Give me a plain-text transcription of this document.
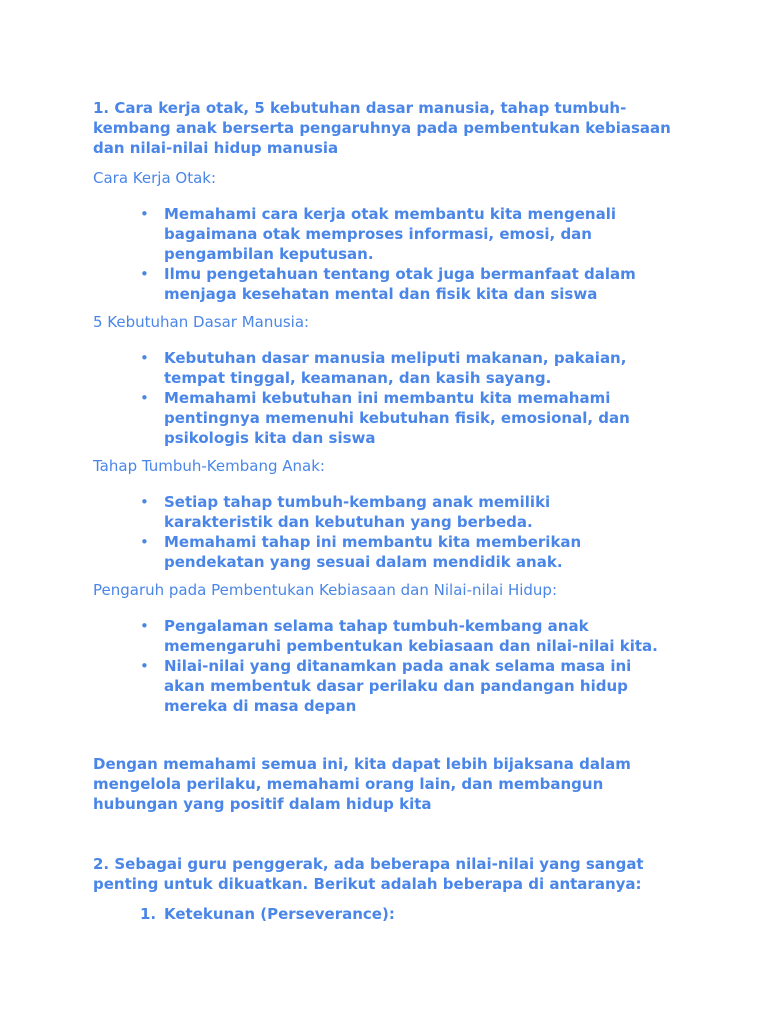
1. Cara kerja otak, 5 kebutuhan dasar manusia, tahap tumbuh-kembang anak berserta pengaruhnya pada pembentukan kebiasaan dan nilai-nilai hidup manusia

Cara Kerja Otak:

• Memahami cara kerja otak membantu kita mengenali bagaimana otak memproses informasi, emosi, dan pengambilan keputusan.
• Ilmu pengetahuan tentang otak juga bermanfaat dalam menjaga kesehatan mental dan fisik kita dan siswa

5 Kebutuhan Dasar Manusia:

• Kebutuhan dasar manusia meliputi makanan, pakaian, tempat tinggal, keamanan, dan kasih sayang.
• Memahami kebutuhan ini membantu kita memahami pentingnya memenuhi kebutuhan fisik, emosional, dan psikologis kita dan siswa

Tahap Tumbuh-Kembang Anak:

• Setiap tahap tumbuh-kembang anak memiliki karakteristik dan kebutuhan yang berbeda.
• Memahami tahap ini membantu kita memberikan pendekatan yang sesuai dalam mendidik anak.

Pengaruh pada Pembentukan Kebiasaan dan Nilai-nilai Hidup:

• Pengalaman selama tahap tumbuh-kembang anak memengaruhi pembentukan kebiasaan dan nilai-nilai kita.
• Nilai-nilai yang ditanamkan pada anak selama masa ini akan membentuk dasar perilaku dan pandangan hidup mereka di masa depan

Dengan memahami semua ini, kita dapat lebih bijaksana dalam mengelola perilaku, memahami orang lain, dan membangun hubungan yang positif dalam hidup kita

2. Sebagai guru penggerak, ada beberapa nilai-nilai yang sangat penting untuk dikuatkan. Berikut adalah beberapa di antaranya:

1. Ketekunan (Perseverance):
